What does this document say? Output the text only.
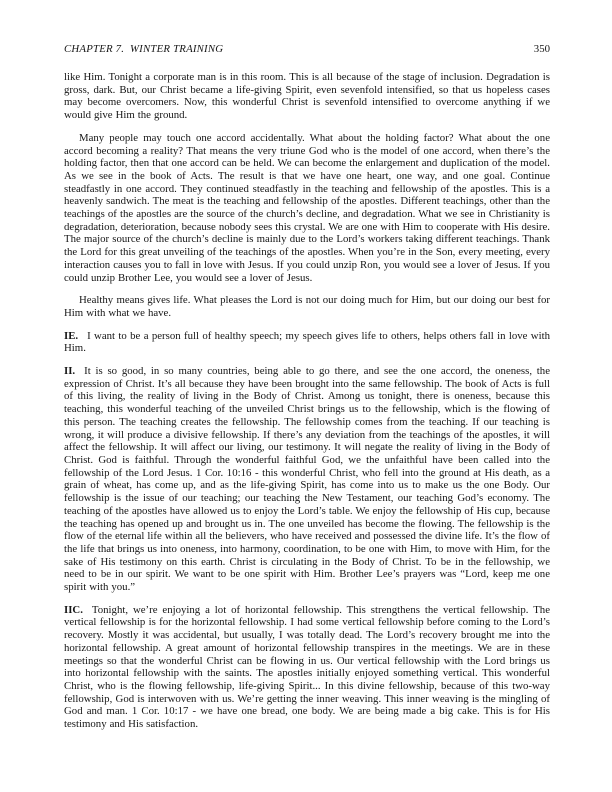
CHAPTER 7.  WINTER TRAINING	350

like Him. Tonight a corporate man is in this room. This is all because of the stage of inclusion. Degradation is gross, dark. But, our Christ became a life-giving Spirit, even sevenfold intensified, so that us hopeless cases may become overcomers. Now, this wonderful Christ is sevenfold intensified to overcome anything if we would give Him the ground.

Many people may touch one accord accidentally. What about the holding factor? What about the one accord becoming a reality? That means the very triune God who is the model of one accord, when there’s the holding factor, then that one accord can be held. We can become the enlargement and duplication of the model. As we see in the book of Acts. The result is that we have one heart, one way, and one goal. Continue steadfastly in one accord. They continued steadfastly in the teaching and fellowship of the apostles. This is a heavenly sandwich. The meat is the teaching and fellowship of the apostles. Different teachings, other than the teachings of the apostles are the source of the church’s decline, and degradation. What we see in Christianity is degradation, deterioration, because nobody sees this crystal. We are one with Him to cooperate with His desire. The major source of the church’s decline is mainly due to the Lord’s workers taking different teachings. Thank the Lord for this great unveiling of the teachings of the apostles. When you’re in the Son, every meeting, every interaction causes you to fall in love with Jesus. If you could unzip Ron, you would see a lover of Jesus. If you could unzip Brother Lee, you would see a lover of Jesus.

Healthy means gives life. What pleases the Lord is not our doing much for Him, but our doing our best for Him with what we have.

IE. I want to be a person full of healthy speech; my speech gives life to others, helps others fall in love with Him.

II. It is so good, in so many countries, being able to go there, and see the one accord, the oneness, the expression of Christ. It’s all because they have been brought into the same fellowship. The book of Acts is full of this living, the reality of living in the Body of Christ. Among us tonight, there is oneness, because this teaching, this wonderful teaching of the unveiled Christ brings us to the fellowship, which is the flowing of this person. The teaching creates the fellowship. The fellowship comes from the teaching. If our teaching is wrong, it will produce a divisive fellowship. If there’s any deviation from the teachings of the apostles, it will affect the fellowship. It will affect our living, our testimony. It will negate the reality of living in the Body of Christ. God is faithful. Through the wonderful faithful God, we the unfaithful have been called into the fellowship of the Lord Jesus. 1 Cor. 10:16 - this wonderful Christ, who fell into the ground at His death, as a grain of wheat, has come up, and as the life-giving Spirit, has come into us to make us the one Body. Our fellowship is the issue of our teaching; our teaching the New Testament, our teaching God’s economy. The teaching of the apostles have allowed us to enjoy the Lord’s table. We enjoy the fellowship of His cup, because the teaching has opened up and brought us in. The one unveiled has become the flowing. The fellowship is the flow of the eternal life within all the believers, who have received and possessed the divine life. It’s the flow of the life that brings us into oneness, into harmony, coordination, to be one with Him, to move with Him, for the sake of His testimony on this earth. Christ is circulating in the Body of Christ. To be in the fellowship, we need to be in our spirit. We want to be one spirit with Him. Brother Lee’s prayers was “Lord, keep me one spirit with you.”

IIC. Tonight, we’re enjoying a lot of horizontal fellowship. This strengthens the vertical fellowship. The vertical fellowship is for the horizontal fellowship. I had some vertical fellowship before coming to the Lord’s recovery. Mostly it was accidental, but usually, I was totally dead. The Lord’s recovery brought me into the horizontal fellowship. A great amount of horizontal fellowship transpires in the meetings. We are in these meetings so that the wonderful Christ can be flowing in us. Our vertical fellowship with the Lord brings us into horizontal fellowship with the saints. The apostles initially enjoyed something vertical. This wonderful Christ, who is the flowing fellowship, life-giving Spirit... In this divine fellowship, because of this two-way fellowship, God is interwoven with us. We’re getting the inner weaving. This inner weaving is the mingling of God and man. 1 Cor. 10:17 - we have one bread, one body. We are being made a big cake. This is for His testimony and His satisfaction.
